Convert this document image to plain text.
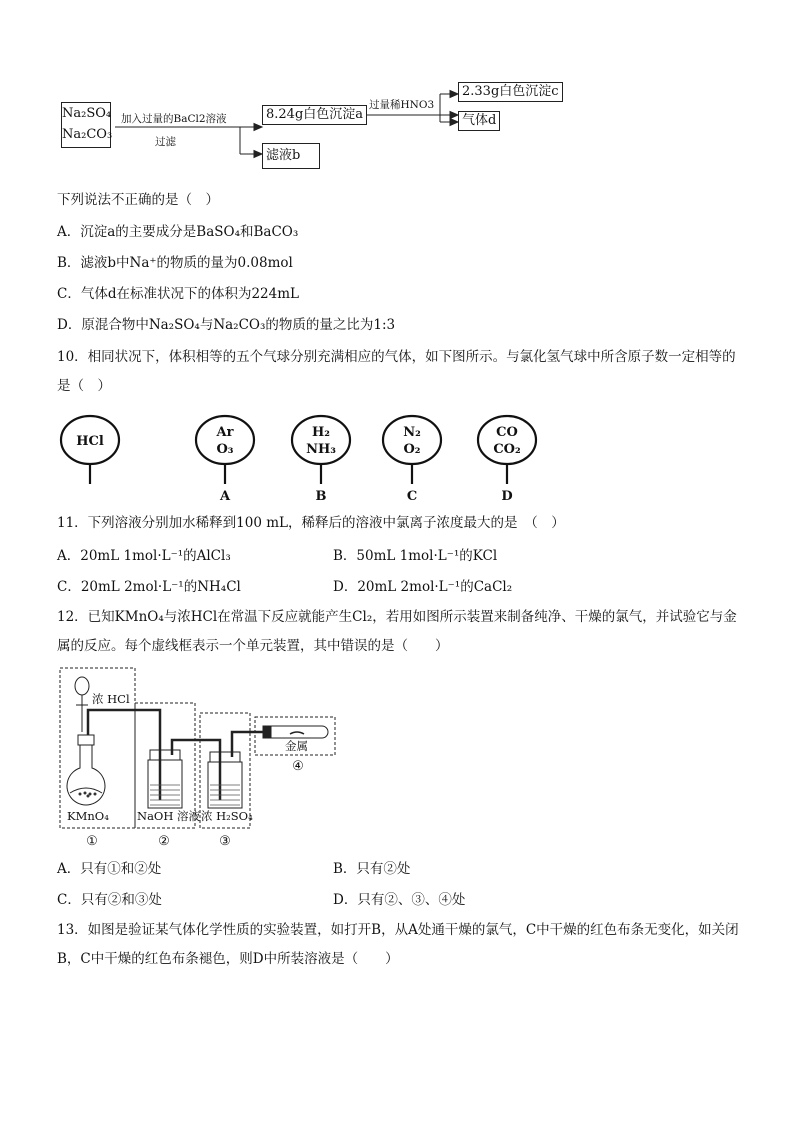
Na₂SO₄
Na₂CO₃
加入过量的BaCl2溶液
过滤
8.24g白色沉淀a
滤液b
过量稀HNO3
2.33g白色沉淀c
气体d
下列说法不正确的是（　）
A．沉淀a的主要成分是BaSO₄和BaCO₃
B．滤液b中Na⁺的物质的量为0.08mol
C．气体d在标准状况下的体积为224mL
D．原混合物中Na₂SO₄与Na₂CO₃的物质的量之比为1:3
10．相同状况下，体积相等的五个气球分别充满相应的气体，如下图所示。与氯化氢气球中所含原子数一定相等的是（　）
HCl
Ar
O₃
H₂
NH₃
N₂
O₂
CO
CO₂
A	B	C	D
11．下列溶液分别加水稀释到100 mL，稀释后的溶液中氯离子浓度最大的是　（　）
A．20mL 1mol·L⁻¹的AlCl₃	B．50mL 1mol·L⁻¹的KCl
C．20mL 2mol·L⁻¹的NH₄Cl	D．20mL 2mol·L⁻¹的CaCl₂
12．已知KMnO₄与浓HCl在常温下反应就能产生Cl₂，若用如图所示装置来制备纯净、干燥的氯气，并试验它与金属的反应。每个虚线框表示一个单元装置，其中错误的是（　　）
浓 HCl
KMnO₄ NaOH 溶液 浓 H₂SO₄
金属
①	②	③
④
A．只有①和②处	B．只有②处
C．只有②和③处	D．只有②、③、④处
13．如图是验证某气体化学性质的实验装置，如打开B，从A处通干燥的氯气，C中干燥的红色布条无变化，如关闭B，C中干燥的红色布条褪色，则D中所装溶液是（　　）
